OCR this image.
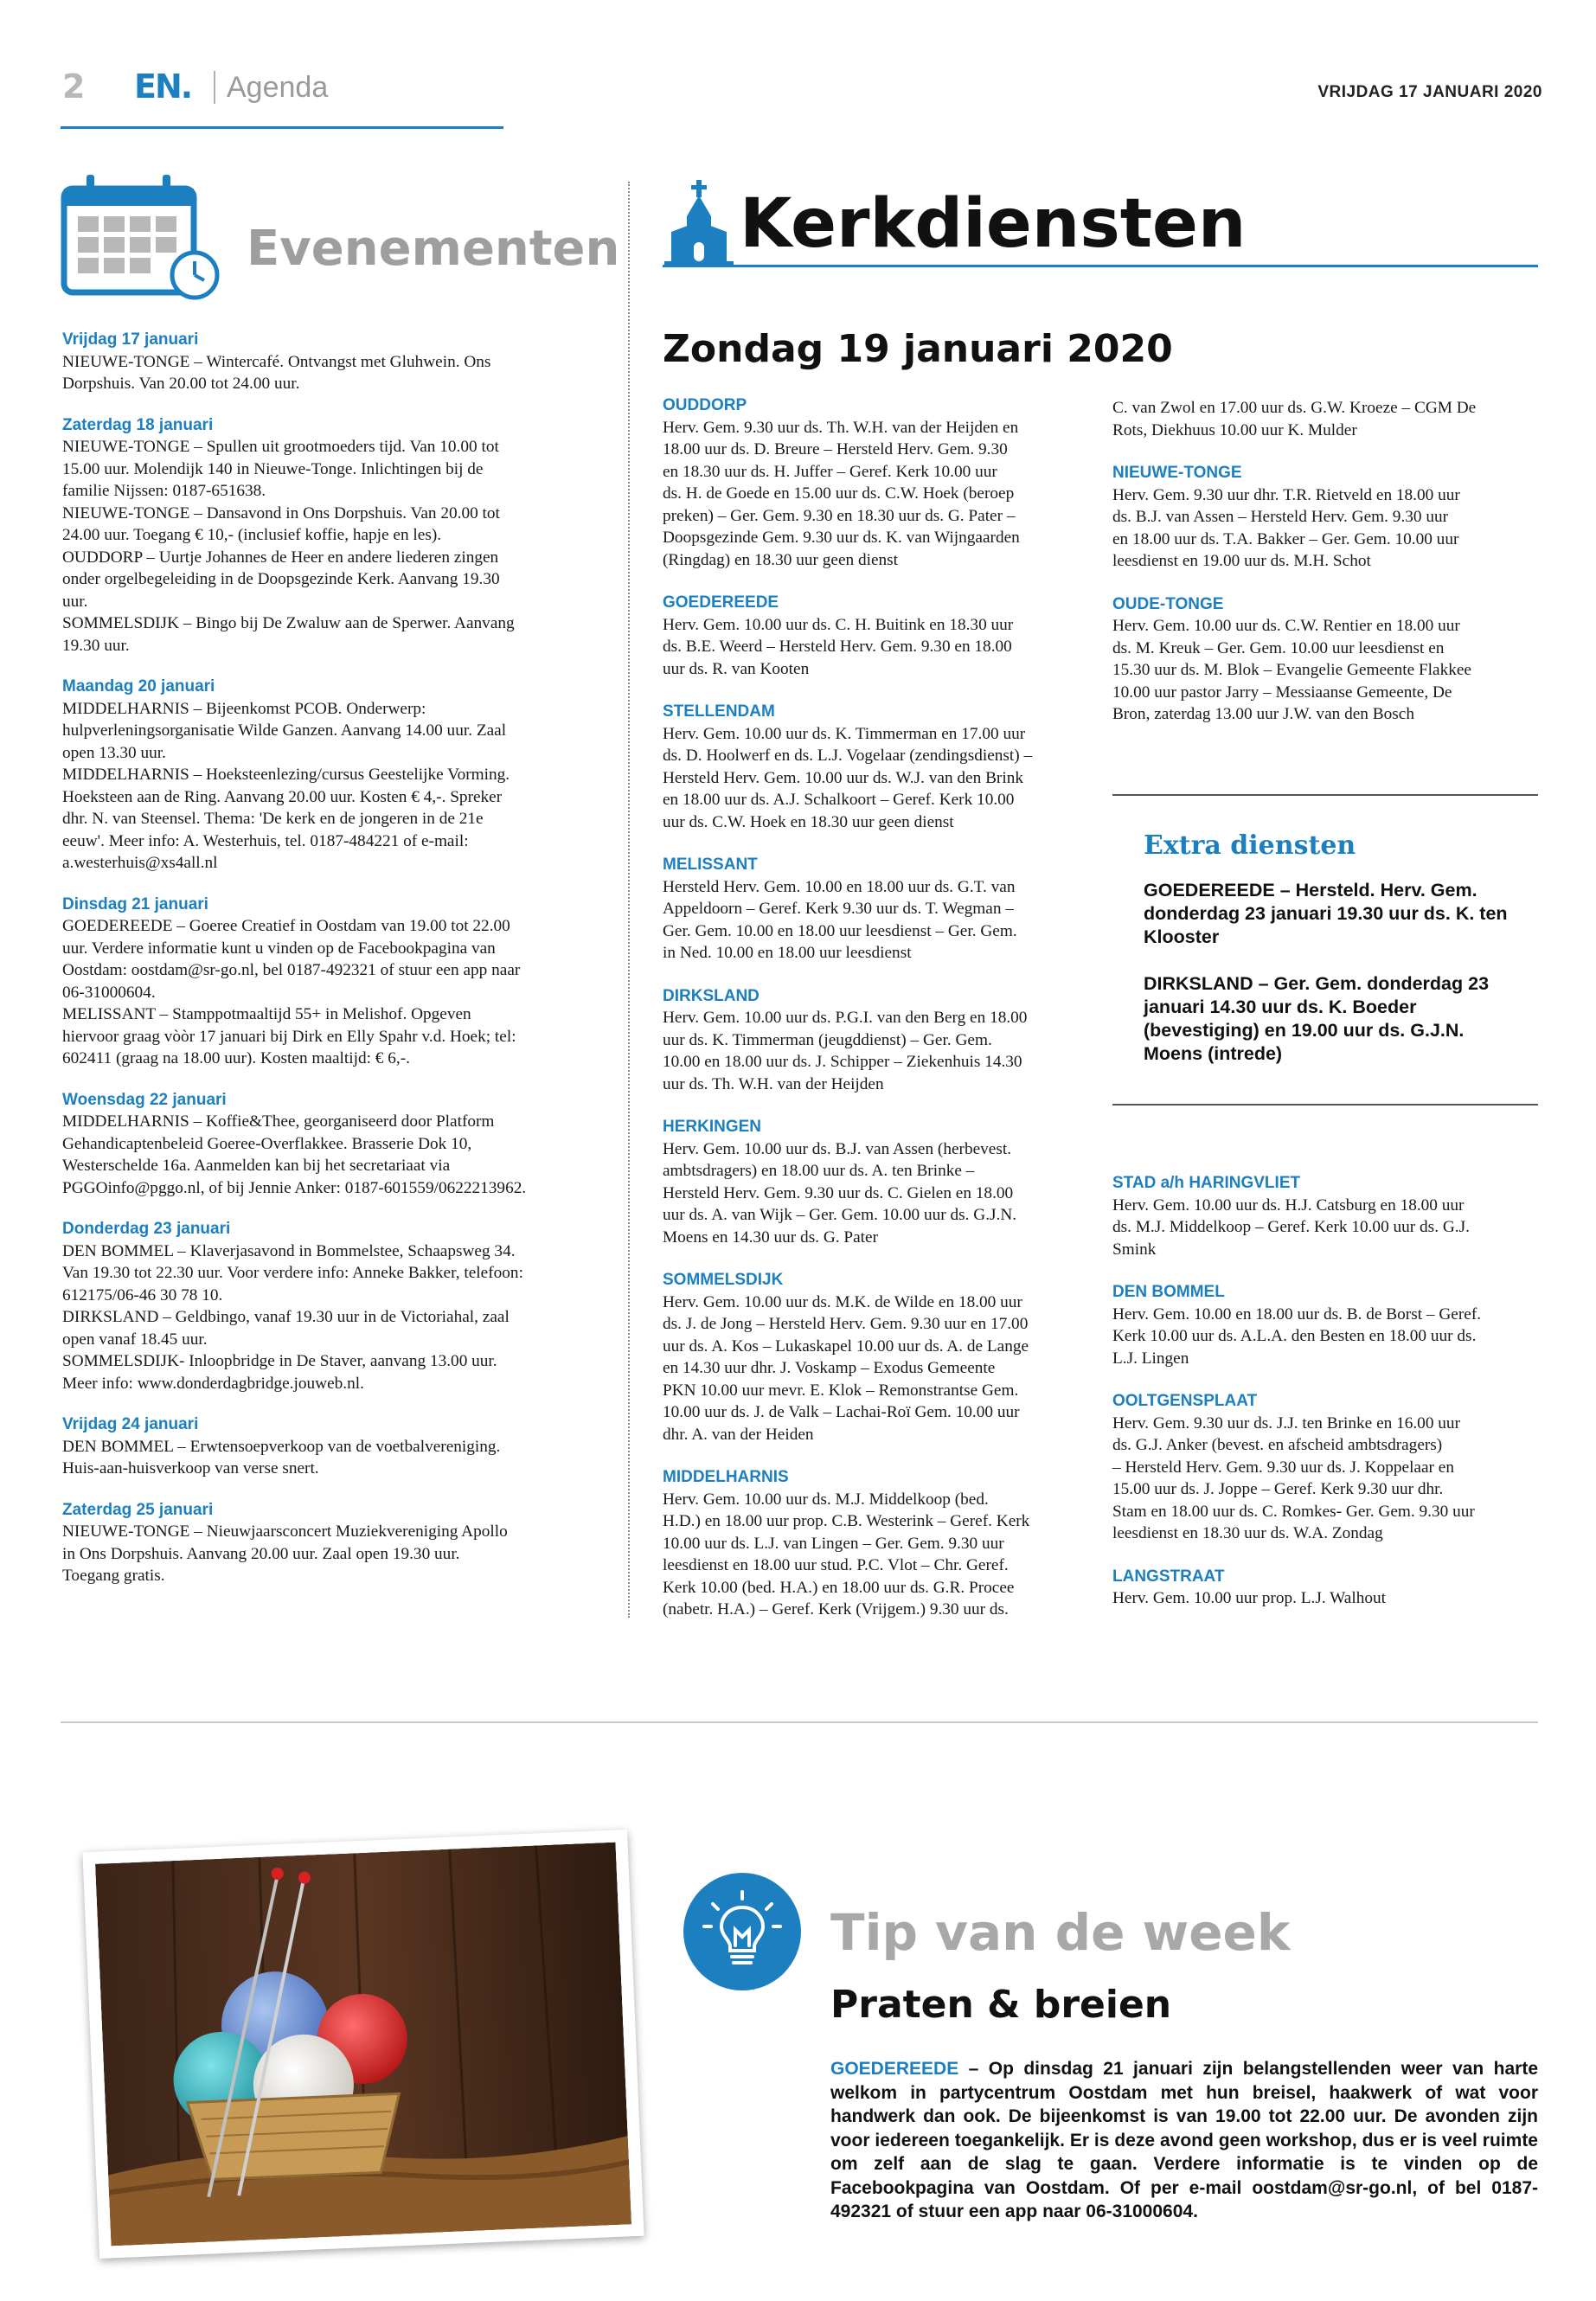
2 EN. Agenda	VRIJDAG 17 JANUARI 2020
Evenementen
Vrijdag 17 januari
NIEUWE-TONGE – Wintercafé. Ontvangst met Gluhwein. Ons
Dorpshuis. Van 20.00 tot 24.00 uur.
Zaterdag 18 januari
NIEUWE-TONGE – Spullen uit grootmoeders tijd. Van 10.00 tot
15.00 uur. Molendijk 140 in Nieuwe-Tonge. Inlichtingen bij de
familie Nijssen: 0187-651638.
NIEUWE-TONGE – Dansavond in Ons Dorpshuis. Van 20.00 tot
24.00 uur. Toegang € 10,- (inclusief koffie, hapje en les).
OUDDORP – Uurtje Johannes de Heer en andere liederen zingen
onder orgelbegeleiding in de Doopsgezinde Kerk. Aanvang 19.30
uur.
SOMMELSDIJK – Bingo bij De Zwaluw aan de Sperwer. Aanvang
19.30 uur.
Maandag 20 januari
MIDDELHARNIS – Bijeenkomst PCOB. Onderwerp:
hulpverleningsorganisatie Wilde Ganzen. Aanvang 14.00 uur. Zaal
open 13.30 uur.
MIDDELHARNIS – Hoeksteenlezing/cursus Geestelijke Vorming.
Hoeksteen aan de Ring. Aanvang 20.00 uur. Kosten € 4,-. Spreker
dhr. N. van Steensel. Thema: 'De kerk en de jongeren in de 21e
eeuw'. Meer info: A. Westerhuis, tel. 0187-484221 of e-mail:
a.westerhuis@xs4all.nl
Dinsdag 21 januari
GOEDEREEDE – Goeree Creatief in Oostdam van 19.00 tot 22.00
uur. Verdere informatie kunt u vinden op de Facebookpagina van
Oostdam: oostdam@sr-go.nl, bel 0187-492321 of stuur een app naar
06-31000604.
MELISSANT – Stamppotmaaltijd 55+ in Melishof. Opgeven
hiervoor graag vòòr 17 januari bij Dirk en Elly Spahr v.d. Hoek; tel:
602411 (graag na 18.00 uur). Kosten maaltijd: € 6,-.
Woensdag 22 januari
MIDDELHARNIS – Koffie&Thee, georganiseerd door Platform
Gehandicaptenbeleid Goeree-Overflakkee. Brasserie Dok 10,
Westerschelde 16a. Aanmelden kan bij het secretariaat via
PGGOinfo@pggo.nl, of bij Jennie Anker: 0187-601559/0622213962.
Donderdag 23 januari
DEN BOMMEL – Klaverjasavond in Bommelstee, Schaapsweg 34.
Van 19.30 tot 22.30 uur. Voor verdere info: Anneke Bakker, telefoon:
612175/06-46 30 78 10.
DIRKSLAND – Geldbingo, vanaf 19.30 uur in de Victoriahal, zaal
open vanaf 18.45 uur.
SOMMELSDIJK- Inloopbridge in De Staver, aanvang 13.00 uur.
Meer info: www.donderdagbridge.jouweb.nl.
Vrijdag 24 januari
DEN BOMMEL – Erwtensoepverkoop van de voetbalvereniging.
Huis-aan-huisverkoop van verse snert.
Zaterdag 25 januari
NIEUWE-TONGE – Nieuwjaarsconcert Muziekvereniging Apollo
in Ons Dorpshuis. Aanvang 20.00 uur. Zaal open 19.30 uur.
Toegang gratis.
Kerkdiensten
Zondag 19 januari 2020
OUDDORP
Herv. Gem. 9.30 uur ds. Th. W.H. van der Heijden en
18.00 uur ds. D. Breure – Hersteld Herv. Gem. 9.30
en 18.30 uur ds. H. Juffer – Geref. Kerk 10.00 uur
ds. H. de Goede en 15.00 uur ds. C.W. Hoek (beroep
preken) – Ger. Gem. 9.30 en 18.30 uur ds. G. Pater –
Doopsgezinde Gem. 9.30 uur ds. K. van Wijngaarden
(Ringdag) en 18.30 uur geen dienst
GOEDEREEDE
Herv. Gem. 10.00 uur ds. C. H. Buitink en 18.30 uur
ds. B.E. Weerd – Hersteld Herv. Gem. 9.30 en 18.00
uur ds. R. van Kooten
STELLENDAM
Herv. Gem. 10.00 uur ds. K. Timmerman en 17.00 uur
ds. D. Hoolwerf en ds. L.J. Vogelaar (zendingsdienst) –
Hersteld Herv. Gem. 10.00 uur ds. W.J. van den Brink
en 18.00 uur ds. A.J. Schalkoort – Geref. Kerk 10.00
uur ds. C.W. Hoek en 18.30 uur geen dienst
MELISSANT
Hersteld Herv. Gem. 10.00 en 18.00 uur ds. G.T. van
Appeldoorn – Geref. Kerk 9.30 uur ds. T. Wegman –
Ger. Gem. 10.00 en 18.00 uur leesdienst – Ger. Gem.
in Ned. 10.00 en 18.00 uur leesdienst
DIRKSLAND
Herv. Gem. 10.00 uur ds. P.G.I. van den Berg en 18.00
uur ds. K. Timmerman (jeugddienst) – Ger. Gem.
10.00 en 18.00 uur ds. J. Schipper – Ziekenhuis 14.30
uur ds. Th. W.H. van der Heijden
HERKINGEN
Herv. Gem. 10.00 uur ds. B.J. van Assen (herbevest.
ambtsdragers) en 18.00 uur ds. A. ten Brinke –
Hersteld Herv. Gem. 9.30 uur ds. C. Gielen en 18.00
uur ds. A. van Wijk – Ger. Gem. 10.00 uur ds. G.J.N.
Moens en 14.30 uur ds. G. Pater
SOMMELSDIJK
Herv. Gem. 10.00 uur ds. M.K. de Wilde en 18.00 uur
ds. J. de Jong – Hersteld Herv. Gem. 9.30 uur en 17.00
uur ds. A. Kos – Lukaskapel 10.00 uur ds. A. de Lange
en 14.30 uur dhr. J. Voskamp – Exodus Gemeente
PKN 10.00 uur mevr. E. Klok – Remonstrantse Gem.
10.00 uur ds. J. de Valk – Lachai-Roï Gem. 10.00 uur
dhr. A. van der Heiden
MIDDELHARNIS
Herv. Gem. 10.00 uur ds. M.J. Middelkoop (bed.
H.D.) en 18.00 uur prop. C.B. Westerink – Geref. Kerk
10.00 uur ds. L.J. van Lingen – Ger. Gem. 9.30 uur
leesdienst en 18.00 uur stud. P.C. Vlot – Chr. Geref.
Kerk 10.00 (bed. H.A.) en 18.00 uur ds. G.R. Procee
(nabetr. H.A.) – Geref. Kerk (Vrijgem.) 9.30 uur ds.
C. van Zwol en 17.00 uur ds. G.W. Kroeze – CGM De
Rots, Diekhuus 10.00 uur K. Mulder
NIEUWE-TONGE
Herv. Gem. 9.30 uur dhr. T.R. Rietveld en 18.00 uur
ds. B.J. van Assen – Hersteld Herv. Gem. 9.30 uur
en 18.00 uur ds. T.A. Bakker – Ger. Gem. 10.00 uur
leesdienst en 19.00 uur ds. M.H. Schot
OUDE-TONGE
Herv. Gem. 10.00 uur ds. C.W. Rentier en 18.00 uur
ds. M. Kreuk – Ger. Gem. 10.00 uur leesdienst en
15.30 uur ds. M. Blok – Evangelie Gemeente Flakkee
10.00 uur pastor Jarry – Messiaanse Gemeente, De
Bron, zaterdag 13.00 uur J.W. van den Bosch
Extra diensten

GOEDEREEDE – Hersteld. Herv. Gem. donderdag 23 januari 19.30 uur ds. K. ten Klooster

DIRKSLAND – Ger. Gem. donderdag 23 januari 14.30 uur ds. K. Boeder (bevestiging) en 19.00 uur ds. G.J.N. Moens (intrede)

STAD a/h HARINGVLIET
Herv. Gem. 10.00 uur ds. H.J. Catsburg en 18.00 uur
ds. M.J. Middelkoop – Geref. Kerk 10.00 uur ds. G.J.
Smink
DEN BOMMEL
Herv. Gem. 10.00 en 18.00 uur ds. B. de Borst – Geref.
Kerk 10.00 uur ds. A.L.A. den Besten en 18.00 uur ds.
L.J. Lingen
OOLTGENSPLAAT
Herv. Gem. 9.30 uur ds. J.J. ten Brinke en 16.00 uur
ds. G.J. Anker (bevest. en afscheid ambtsdragers)
– Hersteld Herv. Gem. 9.30 uur ds. J. Koppelaar en
15.00 uur ds. J. Joppe – Geref. Kerk 9.30 uur dhr.
Stam en 18.00 uur ds. C. Romkes- Ger. Gem. 9.30 uur
leesdienst en 18.30 uur ds. W.A. Zondag
LANGSTRAAT
Herv. Gem. 10.00 uur prop. L.J. Walhout
Tip van de week
Praten & breien
GOEDEREEDE – Op dinsdag 21 januari zijn belangstellenden weer van harte welkom in partycentrum Oostdam met hun breisel, haakwerk of wat voor handwerk dan ook. De bijeenkomst is van 19.00 tot 22.00 uur. De avonden zijn voor iedereen toegankelijk. Er is deze avond geen workshop, dus er is veel ruimte om zelf aan de slag te gaan. Verdere informatie is te vinden op de Facebookpagina van Oostdam. Of per e-mail oostdam@sr-go.nl, of bel 0187-492321 of stuur een app naar 06-31000604.
